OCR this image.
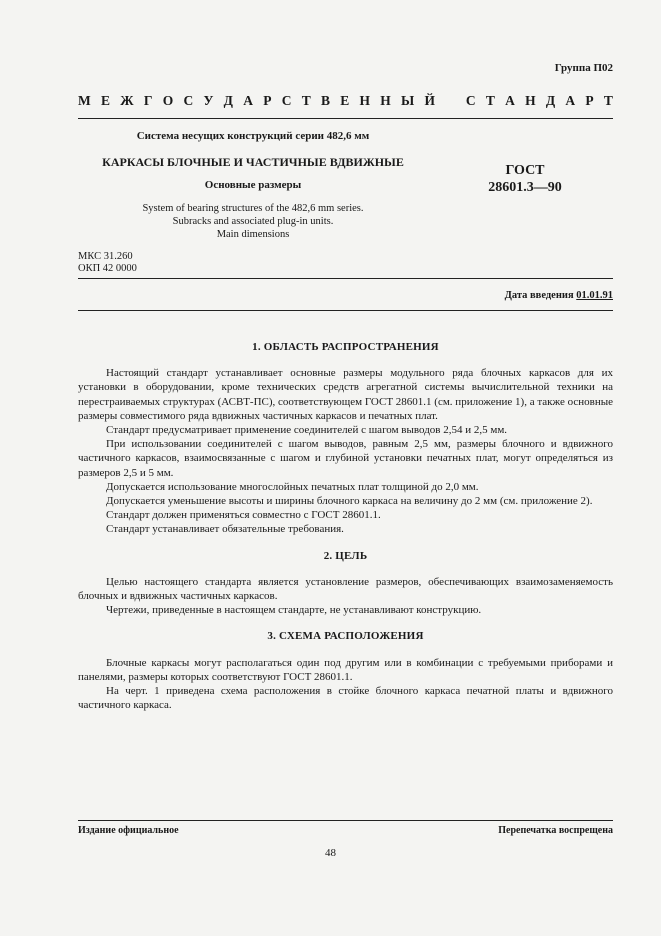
Группа П02
М Е Ж Г О С У Д А Р С Т В Е Н Н Ы Й С Т А Н Д А Р Т
Система несущих конструкций серии 482,6 мм
КАРКАСЫ БЛОЧНЫЕ И ЧАСТИЧНЫЕ ВДВИЖНЫЕ
Основные размеры
System of bearing structures of the 482,6 mm series.
Subracks and associated plug-in units.
Main dimensions
ГОСТ
28601.3—90
МКС 31.260
ОКП 42 0000
Дата введения 01.01.91
1. ОБЛАСТЬ РАСПРОСТРАНЕНИЯ

Настоящий стандарт устанавливает основные размеры модульного ряда блочных каркасов для их установки в оборудовании, кроме технических средств агрегатной системы вычислительной техники на перестраиваемых структурах (АСВТ-ПС), соответствующем ГОСТ 28601.1 (см. приложение 1), а также основные размеры совместимого ряда вдвижных частичных каркасов и печатных плат.

Стандарт предусматривает применение соединителей с шагом выводов 2,54 и 2,5 мм.

При использовании соединителей с шагом выводов, равным 2,5 мм, размеры блочного и вдвижного частичного каркасов, взаимосвязанные с шагом и глубиной установки печатных плат, могут определяться из размеров 2,5 и 5 мм.

Допускается использование многослойных печатных плат толщиной до 2,0 мм.

Допускается уменьшение высоты и ширины блочного каркаса на величину до 2 мм (см. приложение 2).

Стандарт должен применяться совместно с ГОСТ 28601.1.

Стандарт устанавливает обязательные требования.

2. ЦЕЛЬ

Целью настоящего стандарта является установление размеров, обеспечивающих взаимозаменяемость блочных и вдвижных частичных каркасов.

Чертежи, приведенные в настоящем стандарте, не устанавливают конструкцию.

3. СХЕМА РАСПОЛОЖЕНИЯ

Блочные каркасы могут располагаться один под другим или в комбинации с требуемыми приборами и панелями, размеры которых соответствуют ГОСТ 28601.1.

На черт. 1 приведена схема расположения в стойке блочного каркаса печатной платы и вдвижного частичного каркаса.

Издание официальное	Перепечатка воспрещена
48
